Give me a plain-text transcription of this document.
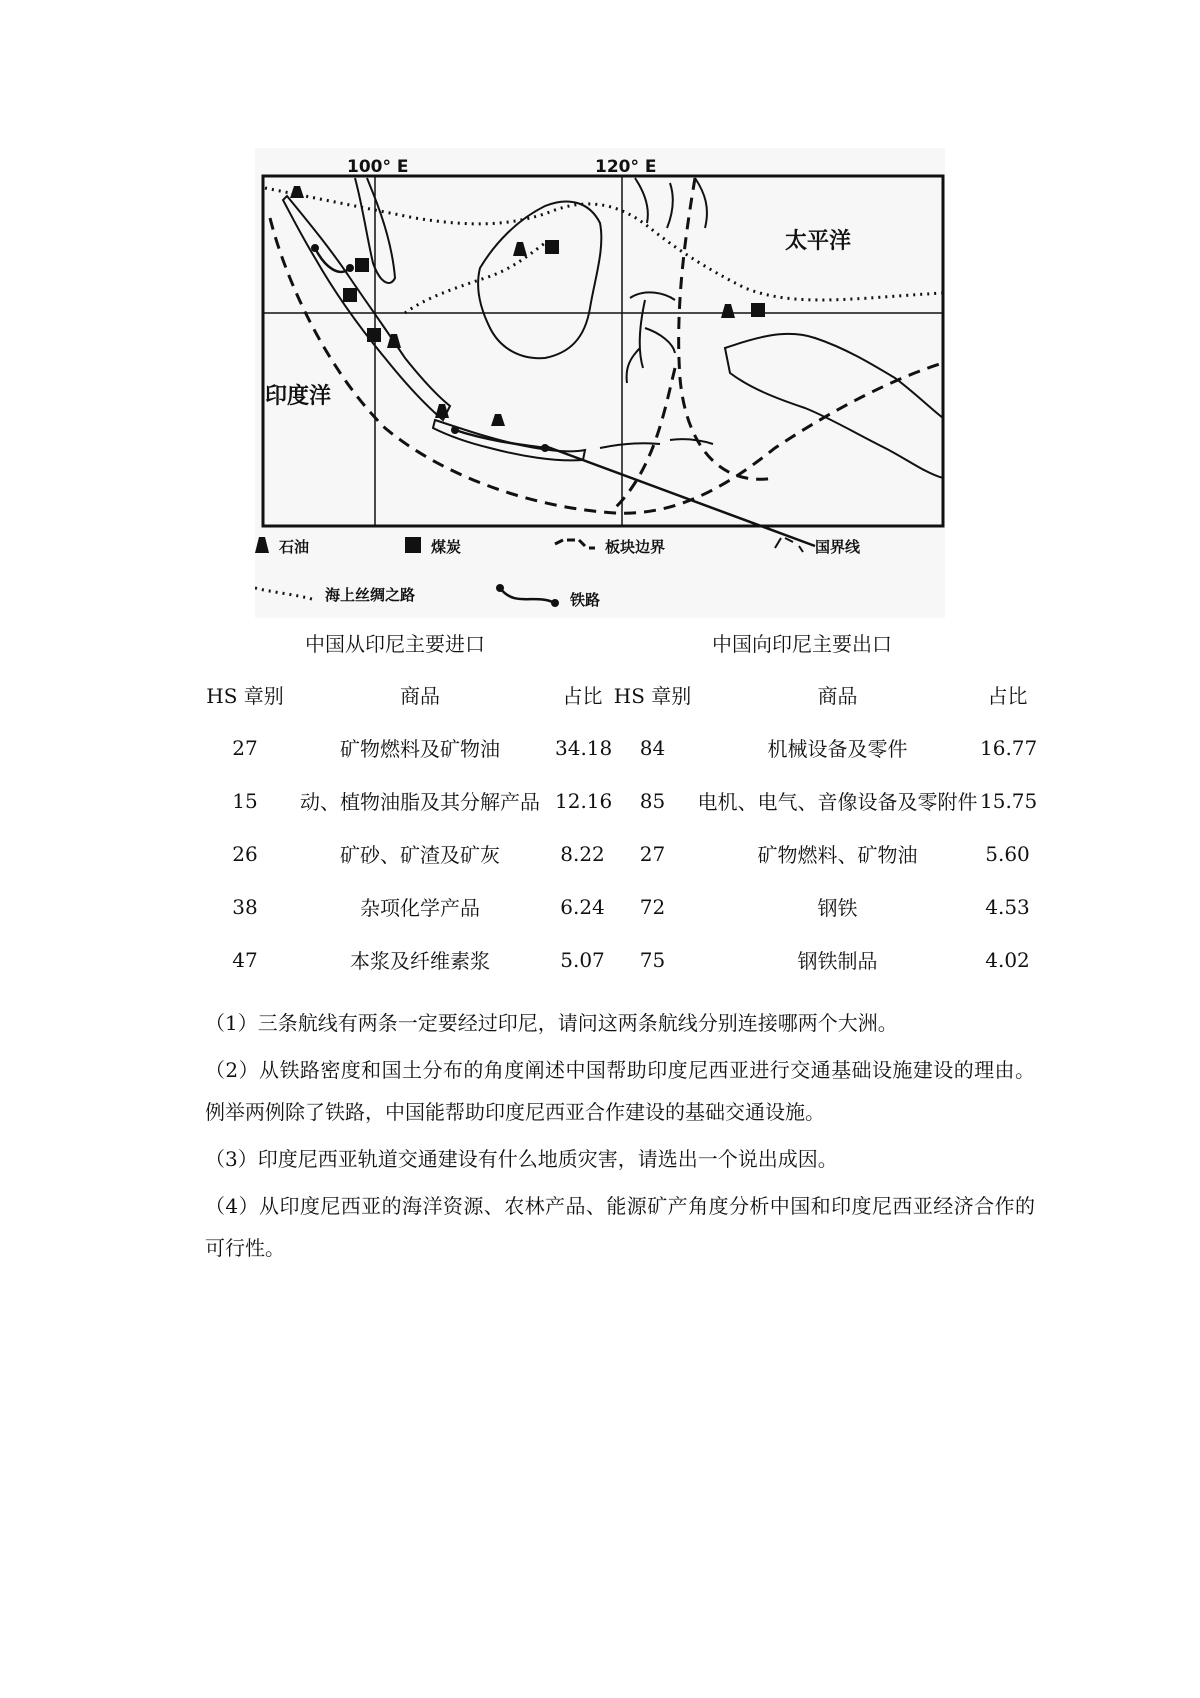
100° E	120° E
太平洋
印度洋
石油	煤炭	板块边界	国界线
海上丝绸之路	铁路
中国从印尼主要进口	中国向印尼主要出口
HS 章别	商品	占比	HS 章别	商品	占比
27	矿物燃料及矿物油	34.18	84	机械设备及零件	16.77
15	动、植物油脂及其分解产品	12.16	85	电机、电气、音像设备及零附件	15.75
26	矿砂、矿渣及矿灰	8.22	27	矿物燃料、矿物油	5.60
38	杂项化学产品	6.24	72	钢铁	4.53
47	本浆及纤维素浆	5.07	75	钢铁制品	4.02

（1）三条航线有两条一定要经过印尼，请问这两条航线分别连接哪两个大洲。

（2）从铁路密度和国土分布的角度阐述中国帮助印度尼西亚进行交通基础设施建设的理由。例举两例除了铁路，中国能帮助印度尼西亚合作建设的基础交通设施。

（3）印度尼西亚轨道交通建设有什么地质灾害，请选出一个说出成因。

（4）从印度尼西亚的海洋资源、农林产品、能源矿产角度分析中国和印度尼西亚经济合作的可行性。
